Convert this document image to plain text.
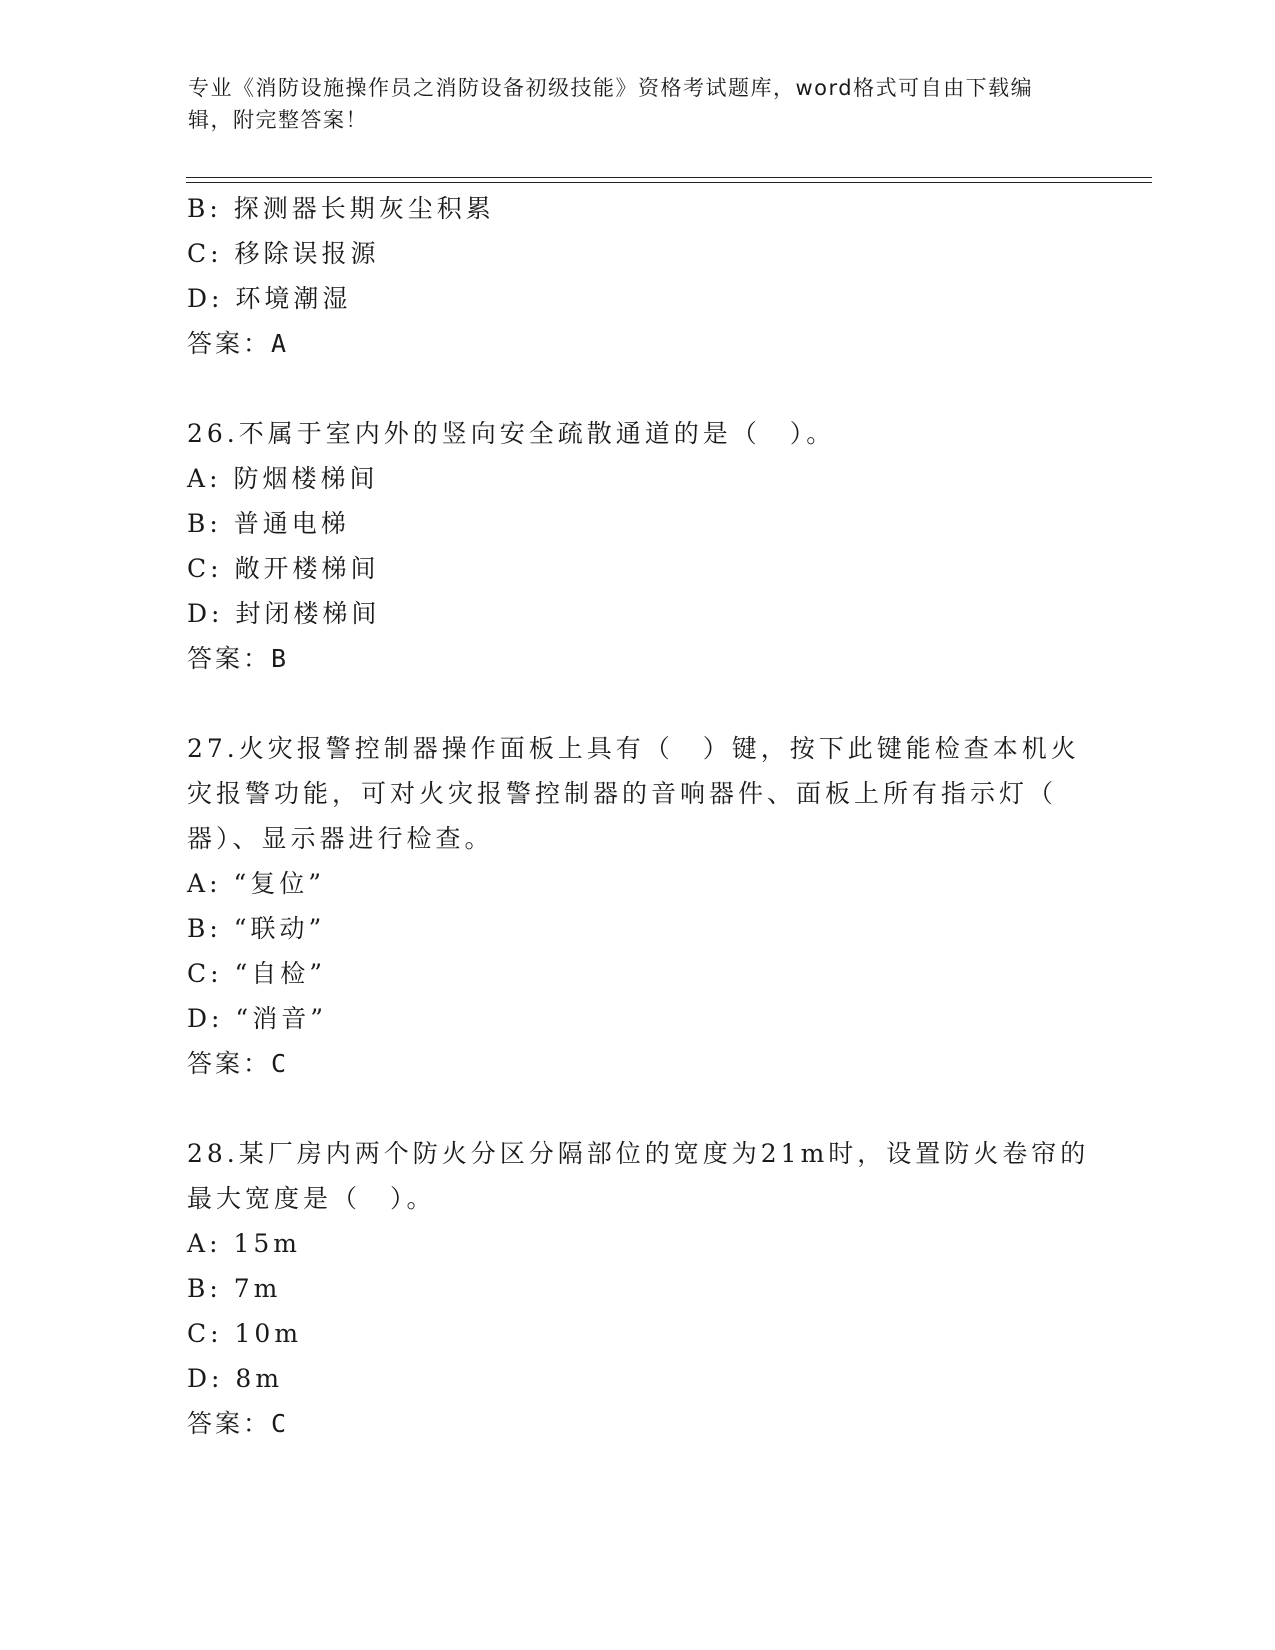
专业《消防设施操作员之消防设备初级技能》资格考试题库，word格式可自由下载编辑，附完整答案！
B: 探测器长期灰尘积累
C: 移除误报源
D: 环境潮湿
答案：A
26.不属于室内外的竖向安全疏散通道的是（　）。
A: 防烟楼梯间
B: 普通电梯
C: 敞开楼梯间
D: 封闭楼梯间
答案：B
27.火灾报警控制器操作面板上具有（　）键，按下此键能检查本机火
灾报警功能，可对火灾报警控制器的音响器件、面板上所有指示灯（
器）、显示器进行检查。
A: “复位”
B: “联动”
C: “自检”
D: “消音”
答案：C
28.某厂房内两个防火分区分隔部位的宽度为21m时，设置防火卷帘的
最大宽度是（　）。
A: 15m
B: 7m
C: 10m
D: 8m
答案：C
